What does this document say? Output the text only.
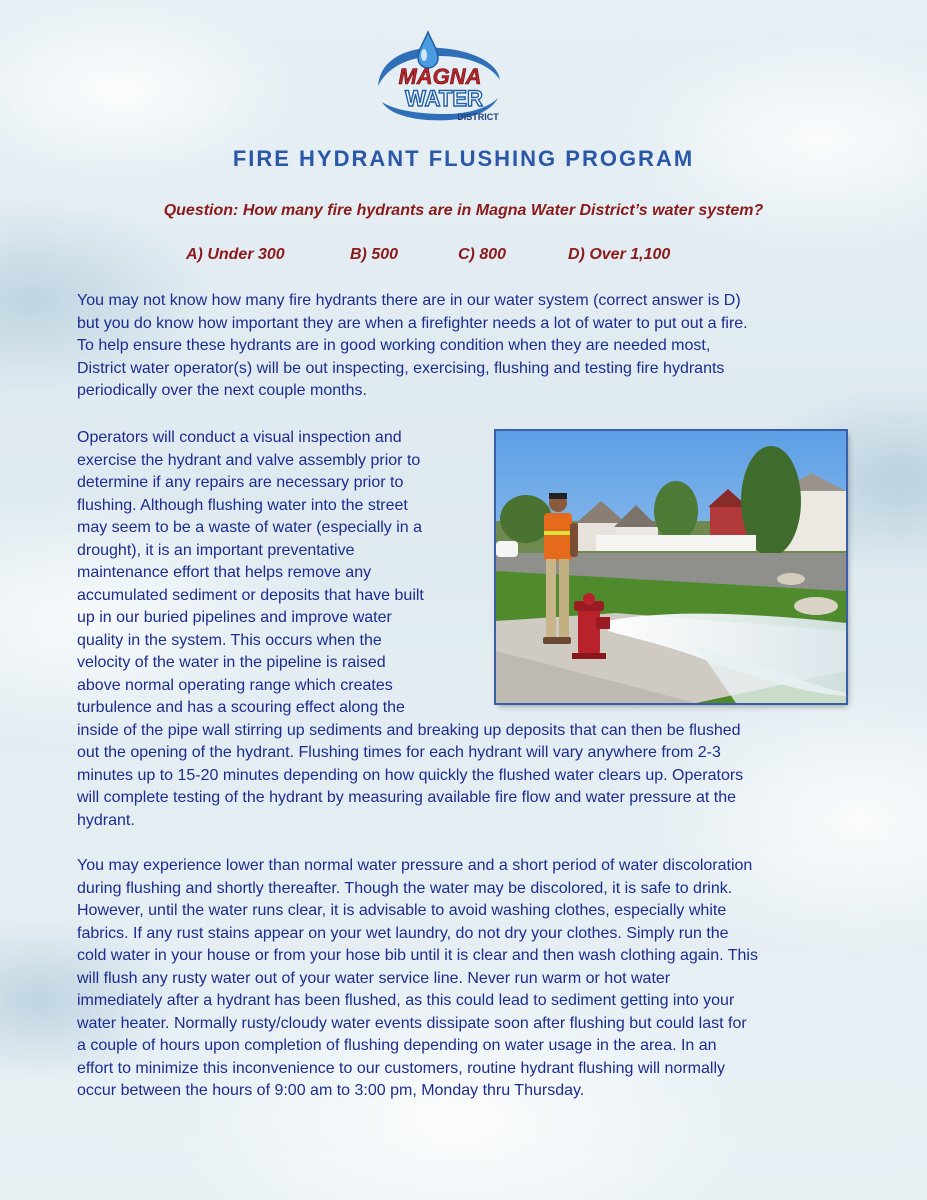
MAGNA
WATER
DISTRICT
FIRE HYDRANT FLUSHING PROGRAM
Question: How many fire hydrants are in Magna Water District’s water system?
A) Under 300	B) 500	C) 800	D) Over 1,100
You may not know how many fire hydrants there are in our water system (correct answer is D)
but you do know how important they are when a firefighter needs a lot of water to put out a fire.
To help ensure these hydrants are in good working condition when they are needed most,
District water operator(s) will be out inspecting, exercising, flushing and testing fire hydrants
periodically over the next couple months.
Operators will conduct a visual inspection and
exercise the hydrant and valve assembly prior to
determine if any repairs are necessary prior to
flushing. Although flushing water into the street
may seem to be a waste of water (especially in a
drought), it is an important preventative
maintenance effort that helps remove any
accumulated sediment or deposits that have built
up in our buried pipelines and improve water
quality in the system. This occurs when the
velocity of the water in the pipeline is raised
above normal operating range which creates
turbulence and has a scouring effect along the
inside of the pipe wall stirring up sediments and breaking up deposits that can then be flushed
out the opening of the hydrant. Flushing times for each hydrant will vary anywhere from 2-3
minutes up to 15-20 minutes depending on how quickly the flushed water clears up. Operators
will complete testing of the hydrant by measuring available fire flow and water pressure at the
hydrant.
You may experience lower than normal water pressure and a short period of water discoloration
during flushing and shortly thereafter. Though the water may be discolored, it is safe to drink.
However, until the water runs clear, it is advisable to avoid washing clothes, especially white
fabrics. If any rust stains appear on your wet laundry, do not dry your clothes. Simply run the
cold water in your house or from your hose bib until it is clear and then wash clothing again. This
will flush any rusty water out of your water service line. Never run warm or hot water
immediately after a hydrant has been flushed, as this could lead to sediment getting into your
water heater. Normally rusty/cloudy water events dissipate soon after flushing but could last for
a couple of hours upon completion of flushing depending on water usage in the area. In an
effort to minimize this inconvenience to our customers, routine hydrant flushing will normally
occur between the hours of 9:00 am to 3:00 pm, Monday thru Thursday.
